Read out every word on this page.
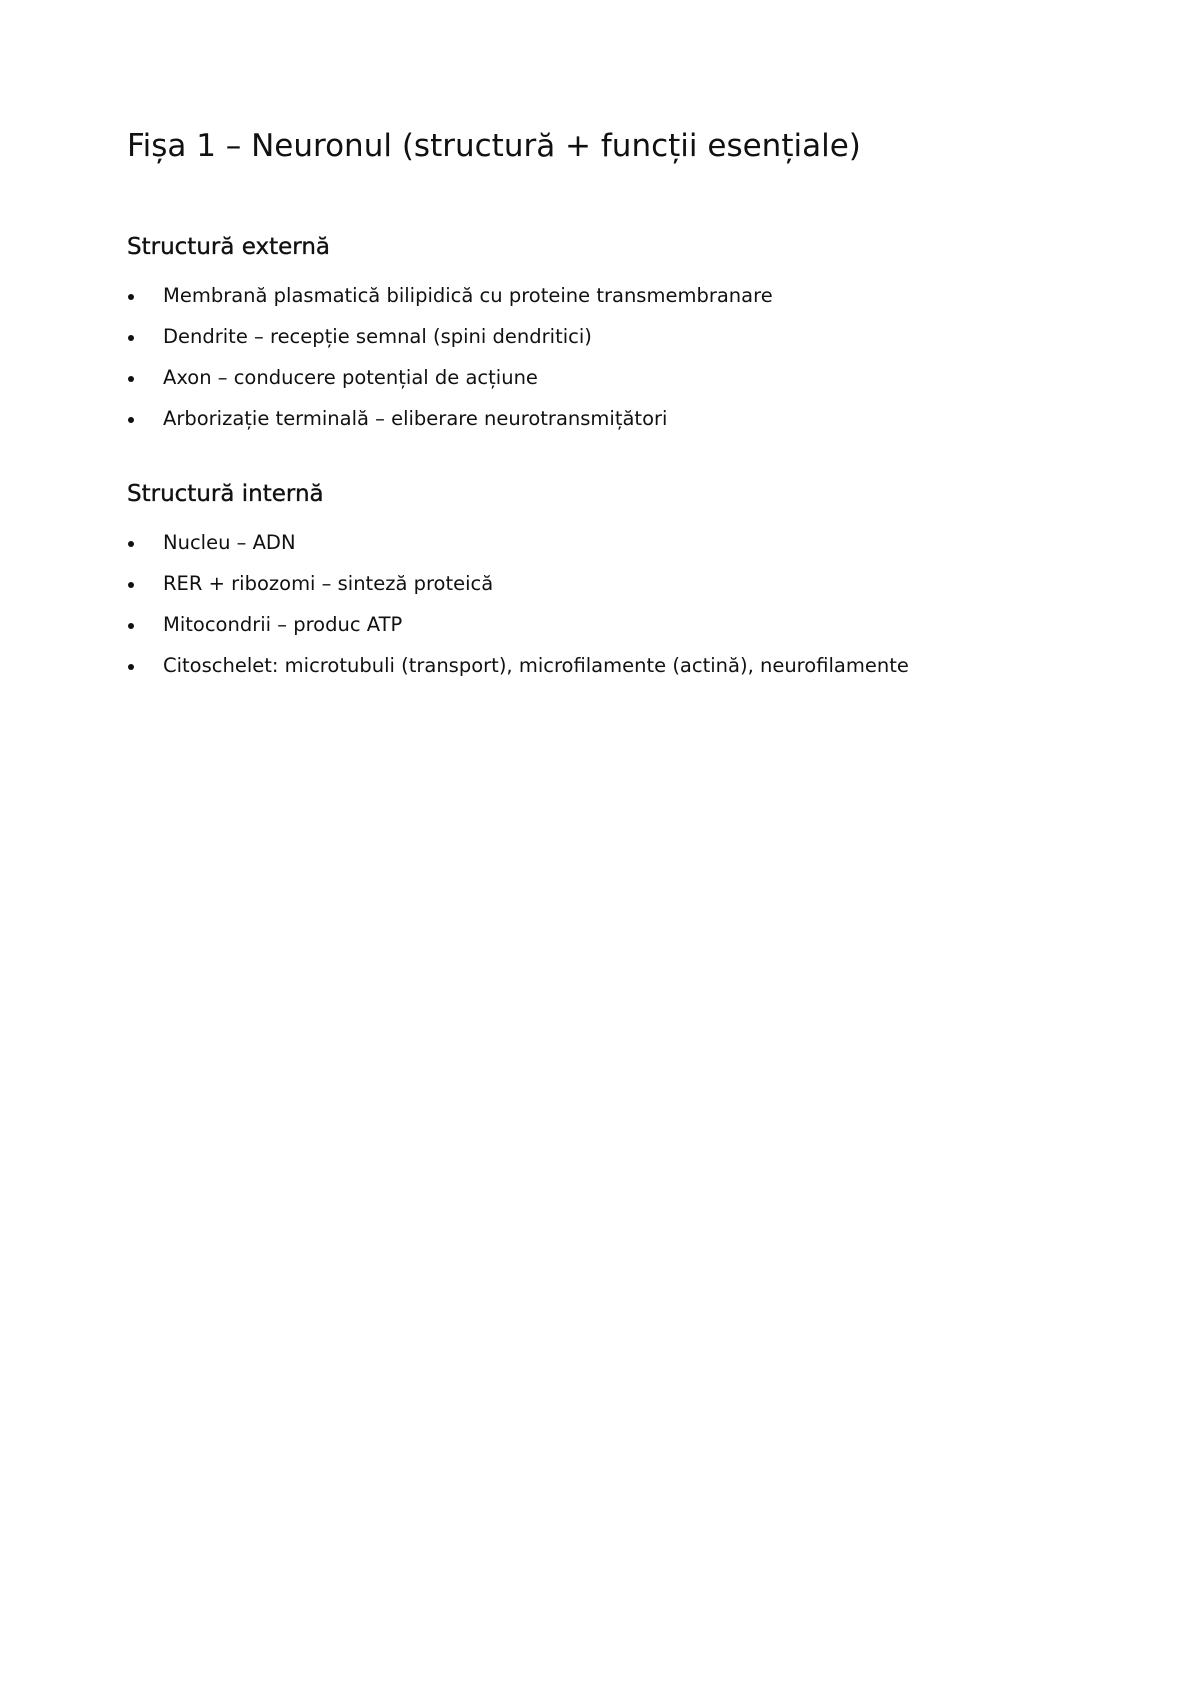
Fișa 1 – Neuronul (structură + funcții esențiale)
Structură externă
Membrană plasmatică bilipidică cu proteine transmembranare
Dendrite – recepție semnal (spini dendritici)
Axon – conducere potențial de acțiune
Arborizație terminală – eliberare neurotransmițători
Structură internă
Nucleu – ADN
RER + ribozomi – sinteză proteică
Mitocondrii – produc ATP
Citoschelet: microtubuli (transport), microfilamente (actină), neurofilamente
